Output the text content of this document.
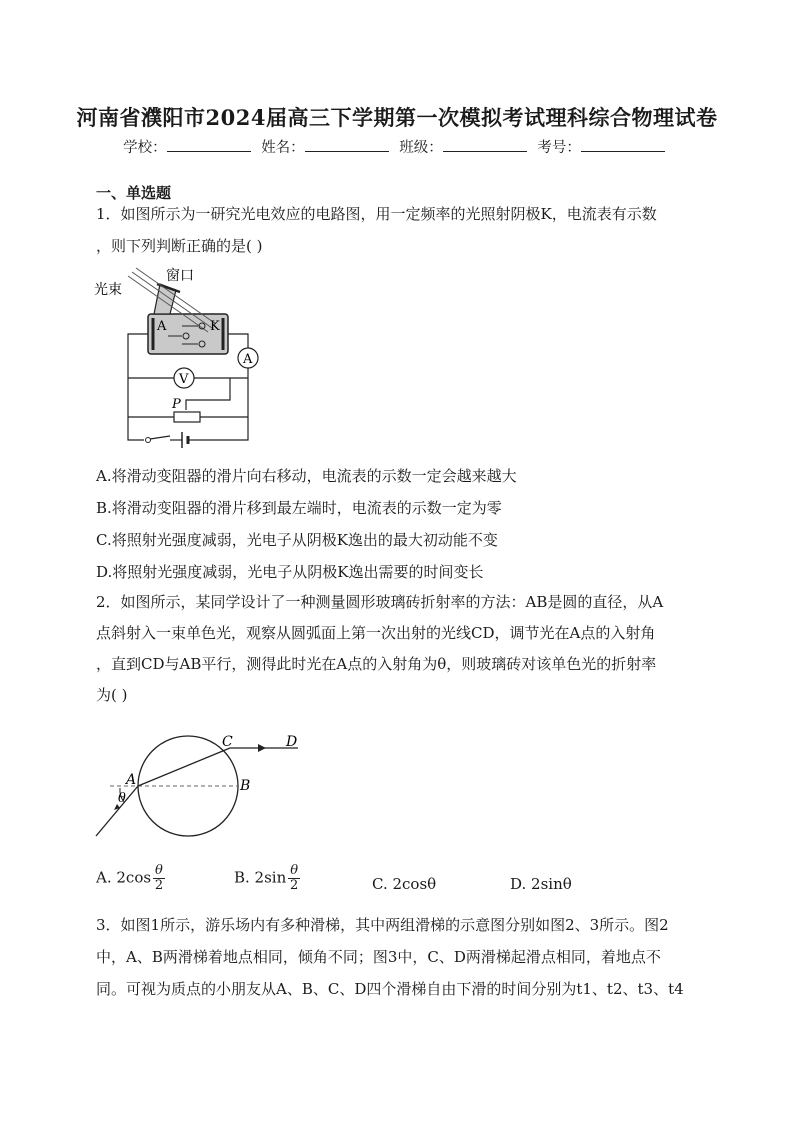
河南省濮阳市2024届高三下学期第一次模拟考试理科综合物理试卷
学校：	姓名：	班级：	考号：
一、单选题
1．如图所示为一研究光电效应的电路图，用一定频率的光照射阴极K，电流表有示数
，则下列判断正确的是( )
A	K
光束
窗口
A
V
P
A.将滑动变阻器的滑片向右移动，电流表的示数一定会越来越大
B.将滑动变阻器的滑片移到最左端时，电流表的示数一定为零
C.将照射光强度减弱，光电子从阴极K逸出的最大初动能不变
D.将照射光强度减弱，光电子从阴极K逸出需要的时间变长
2．如图所示，某同学设计了一种测量圆形玻璃砖折射率的方法：AB是圆的直径，从A
点斜射入一束单色光，观察从圆弧面上第一次出射的光线CD，调节光在A点的入射角
，直到CD与AB平行，测得此时光在A点的入射角为θ，则玻璃砖对该单色光的折射率
为( )
A	B
C	D
θ
A. $2\cos \frac{\theta}{2}$	B. $2\sin \frac{\theta}{2}$	C. 2cosθ	D. 2sinθ
3．如图1所示，游乐场内有多种滑梯，其中两组滑梯的示意图分别如图2、3所示。图2
中，A、B两滑梯着地点相同，倾角不同；图3中，C、D两滑梯起滑点相同，着地点不
同。可视为质点的小朋友从A、B、C、D四个滑梯自由下滑的时间分别为t1、t2、t3、t4
